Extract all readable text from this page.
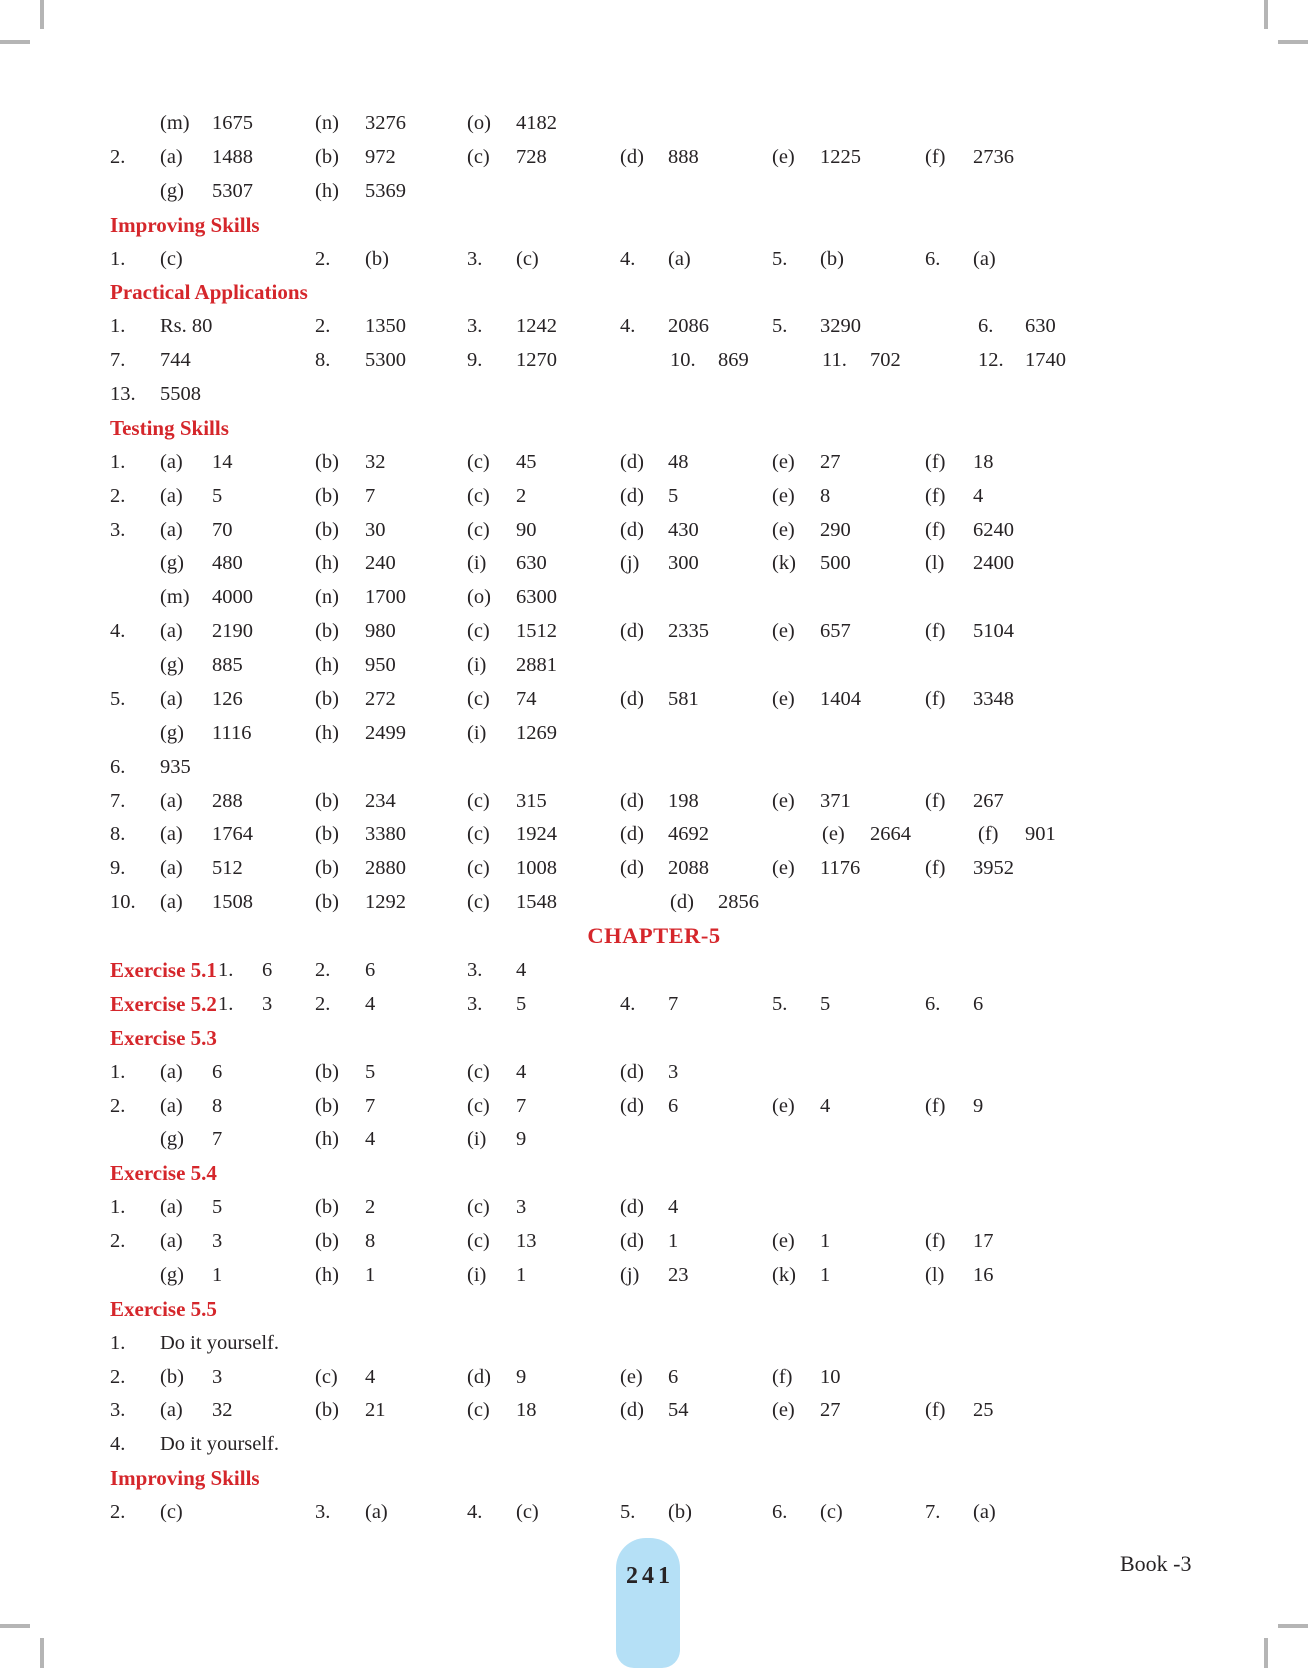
(m) 1675	(n) 3276	(o) 4182
2. (a) 1488	(b) 972	(c) 728	(d) 888	(e) 1225	(f) 2736
(g) 5307	(h) 5369
Improving Skills
1. (c)	2. (b)	3. (c)	4. (a)	5. (b)	6. (a)
Practical Applications
1. Rs. 80	2. 1350	3. 1242	4. 2086	5. 3290	6. 630
7. 744	8. 5300	9. 1270	10. 869	11. 702	12. 1740
13. 5508
Testing Skills
1. (a) 14	(b) 32	(c) 45	(d) 48	(e) 27	(f) 18
2. (a) 5	(b) 7	(c) 2	(d) 5	(e) 8	(f) 4
3. (a) 70	(b) 30	(c) 90	(d) 430	(e) 290	(f) 6240
(g) 480	(h) 240	(i) 630	(j) 300	(k) 500	(l) 2400
(m) 4000	(n) 1700	(o) 6300
4. (a) 2190	(b) 980	(c) 1512	(d) 2335	(e) 657	(f) 5104
(g) 885	(h) 950	(i) 2881
5. (a) 126	(b) 272	(c) 74	(d) 581	(e) 1404	(f) 3348
(g) 1116	(h) 2499	(i) 1269
6. 935
7. (a) 288	(b) 234	(c) 315	(d) 198	(e) 371	(f) 267
8. (a) 1764	(b) 3380	(c) 1924	(d) 4692	(e) 2664	(f) 901
9. (a) 512	(b) 2880	(c) 1008	(d) 2088	(e) 1176	(f) 3952
10. (a) 1508	(b) 1292	(c) 1548	(d) 2856
CHAPTER-5
Exercise 5.1 1. 6 2. 6	3. 4
Exercise 5.2 1. 3 2. 4	3. 5	4. 7	5. 5	6. 6
Exercise 5.3
1. (a) 6	(b) 5	(c) 4	(d) 3
2. (a) 8	(b) 7	(c) 7	(d) 6	(e) 4	(f) 9
(g) 7	(h) 4	(i) 9
Exercise 5.4
1. (a) 5	(b) 2	(c) 3	(d) 4
2. (a) 3	(b) 8	(c) 13	(d) 1	(e) 1	(f) 17
(g) 1	(h) 1	(i) 1	(j) 23	(k) 1	(l) 16
Exercise 5.5
1. Do it yourself.
2. (b) 3	(c) 4	(d) 9	(e) 6	(f) 10
3. (a) 32	(b) 21	(c) 18	(d) 54	(e) 27	(f) 25
4. Do it yourself.
Improving Skills
2. (c)	3. (a)	4. (c)	5. (b)	6. (c)	7. (a)
241	Book -3
